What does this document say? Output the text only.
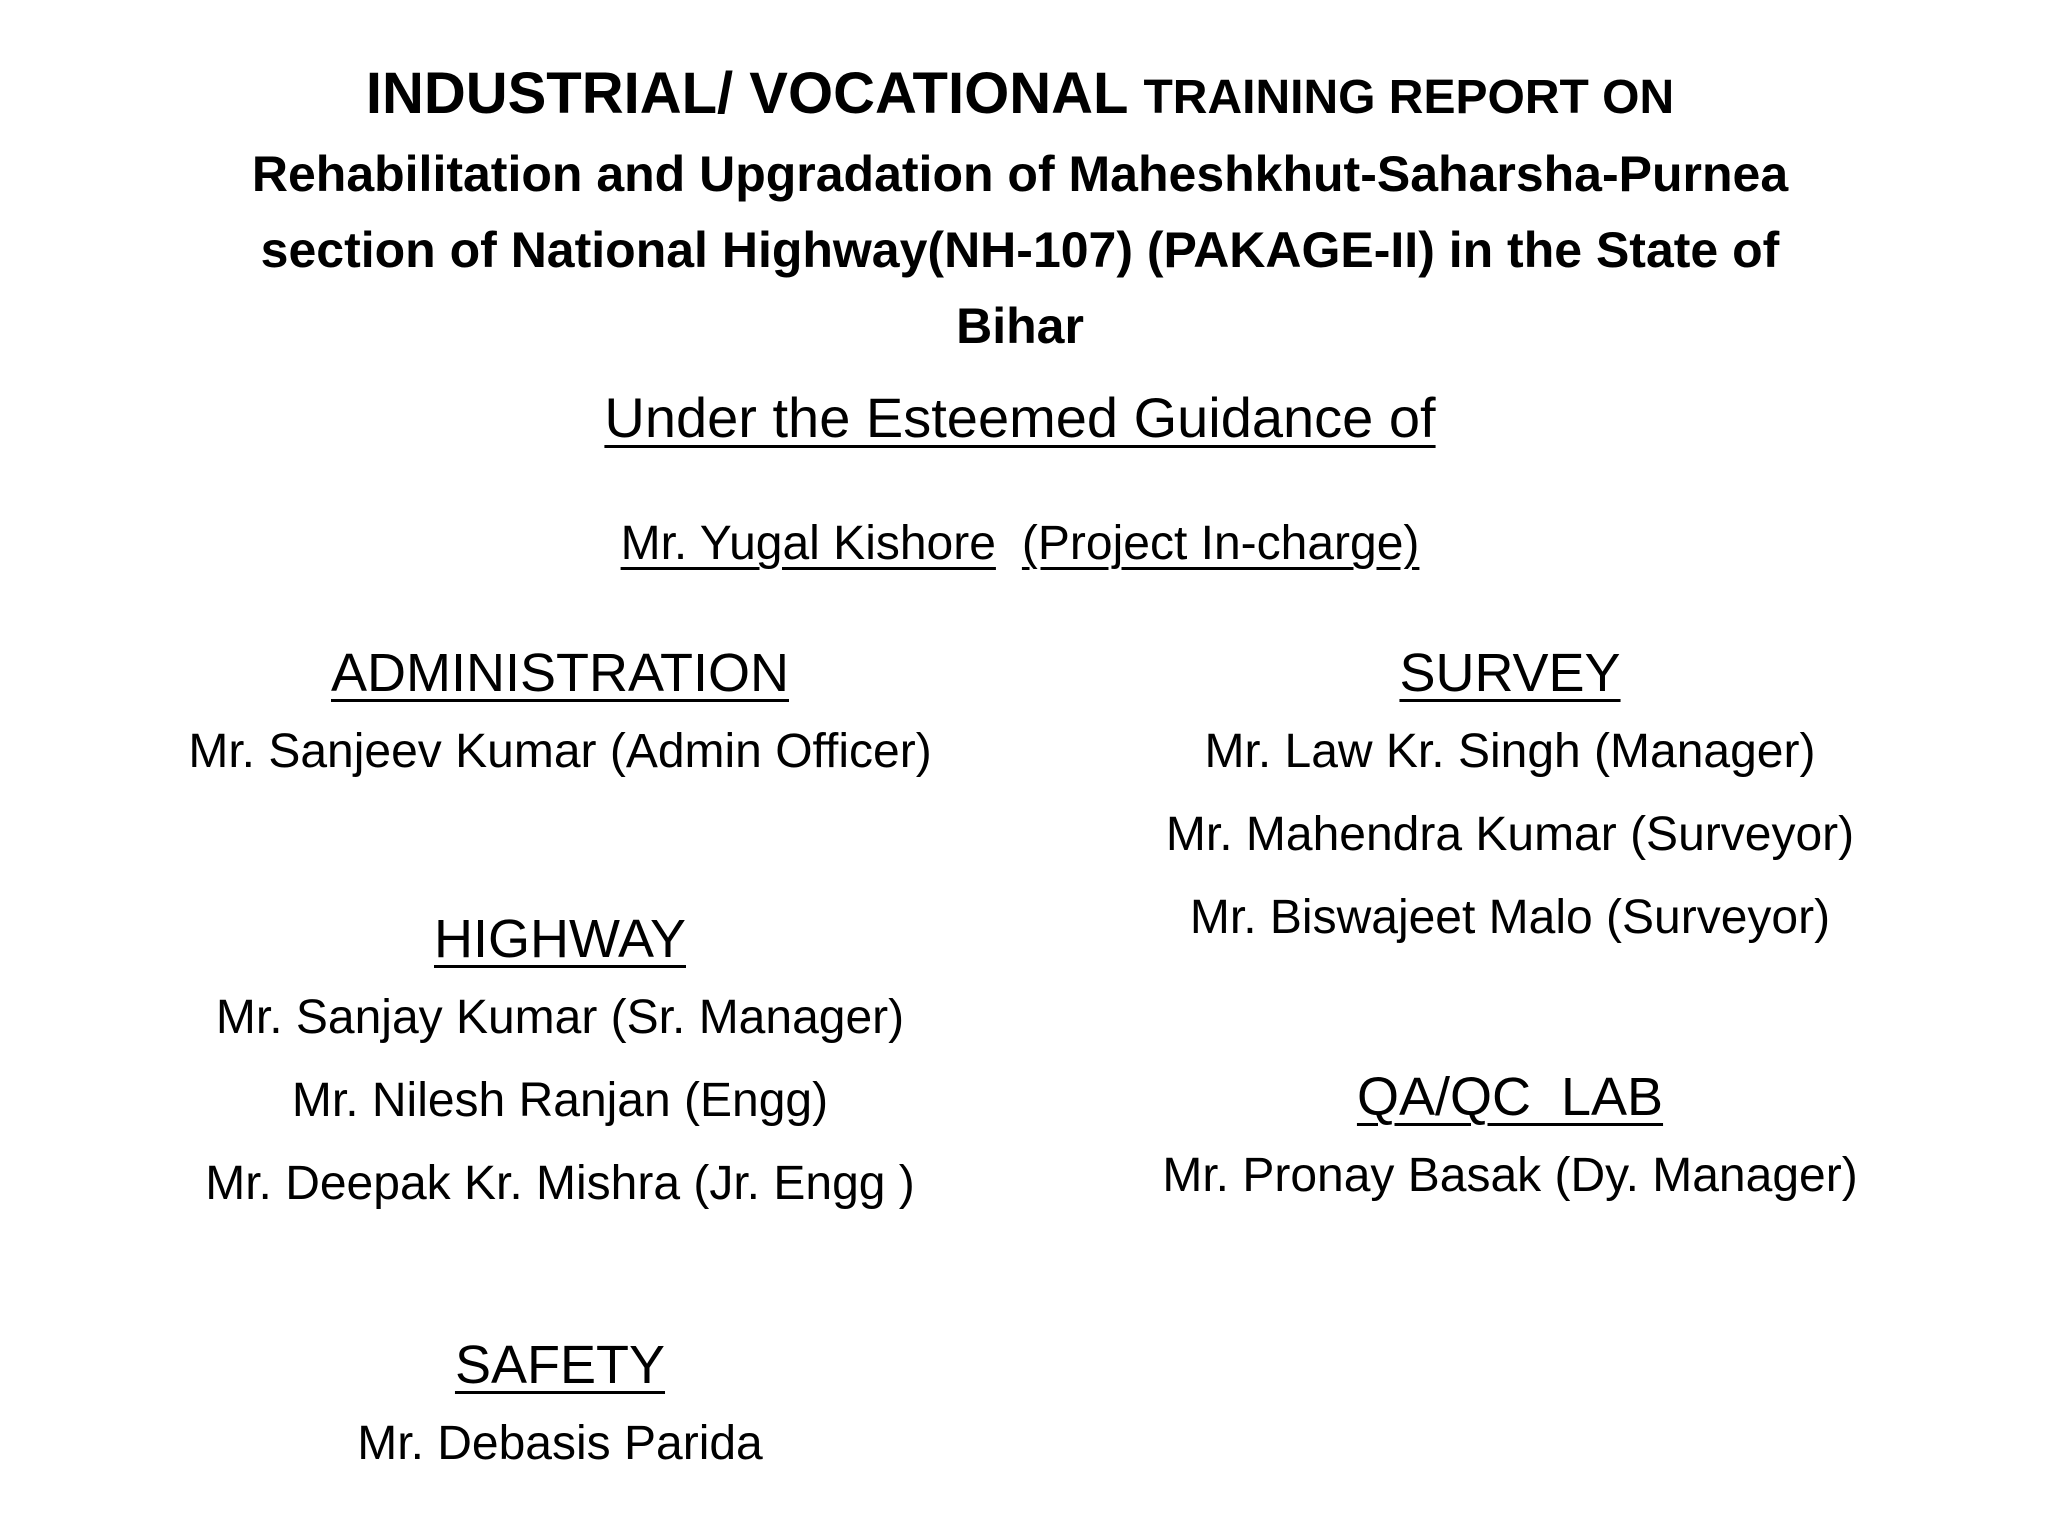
INDUSTRIAL/ VOCATIONAL TRAINING REPORT ON
Rehabilitation and Upgradation of Maheshkhut-Saharsha-Purnea
section of National Highway(NH-107) (PAKAGE-II) in the State of
Bihar
Under the Esteemed Guidance of
Mr. Yugal Kishore (Project In-charge)
ADMINISTRATION
Mr. Sanjeev Kumar (Admin Officer)
HIGHWAY
Mr. Sanjay Kumar (Sr. Manager)
Mr. Nilesh Ranjan (Engg)
Mr. Deepak Kr. Mishra (Jr. Engg )
SAFETY
Mr. Debasis Parida
SURVEY
Mr. Law Kr. Singh (Manager)
Mr. Mahendra Kumar (Surveyor)
Mr. Biswajeet Malo (Surveyor)
QA/QC  LAB
Mr. Pronay Basak (Dy. Manager)
